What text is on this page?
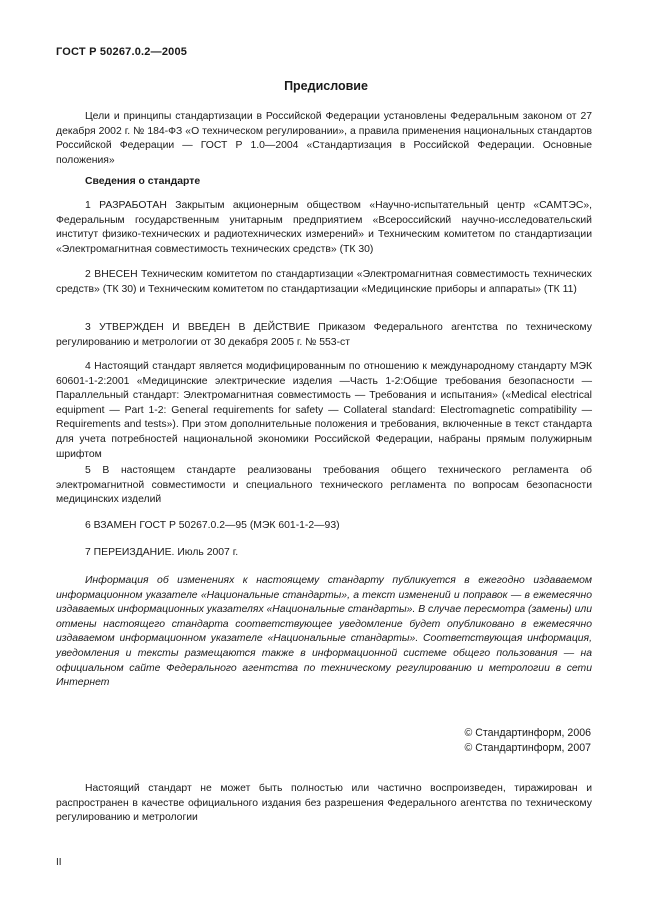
ГОСТ Р 50267.0.2—2005
Предисловие

Цели и принципы стандартизации в Российской Федерации установлены Федеральным законом от 27 декабря 2002 г. № 184-ФЗ «О техническом регулировании», а правила применения национальных стандартов Российской Федерации — ГОСТ Р 1.0—2004 «Стандартизация в Российской Федерации. Основные положения»

Сведения о стандарте

1 РАЗРАБОТАН Закрытым акционерным обществом «Научно-испытательный центр «САМТЭС», Федеральным государственным унитарным предприятием «Всероссийский научно-исследовательский институт физико-технических и радиотехнических измерений» и Техническим комитетом по стандартизации «Электромагнитная совместимость технических средств» (ТК 30)

2 ВНЕСЕН Техническим комитетом по стандартизации «Электромагнитная совместимость технических средств» (ТК 30) и Техническим комитетом по стандартизации «Медицинские приборы и аппараты» (ТК 11)

3 УТВЕРЖДЕН И ВВЕДЕН В ДЕЙСТВИЕ Приказом Федерального агентства по техническому регулированию и метрологии от 30 декабря 2005 г. № 553-ст

4 Настоящий стандарт является модифицированным по отношению к международному стандарту МЭК 60601-1-2:2001 «Медицинские электрические изделия —Часть 1-2:Общие требования безопасности — Параллельный стандарт: Электромагнитная совместимость — Требования и испытания» («Medical electrical equipment — Part 1-2: General requirements for safety — Collateral standard: Electromagnetic compatibility —Requirements and tests»). При этом дополнительные положения и требования, включенные в текст стандарта для учета потребностей национальной экономики Российской Федерации, набраны прямым полужирным шрифтом

5 В настоящем стандарте реализованы требования общего технического регламента об электромагнитной совместимости и специального технического регламента по вопросам безопасности медицинских изделий

6 ВЗАМЕН ГОСТ Р 50267.0.2—95 (МЭК 601-1-2—93)

7 ПЕРЕИЗДАНИЕ. Июль 2007 г.

Информация об изменениях к настоящему стандарту публикуется в ежегодно издаваемом информационном указателе «Национальные стандарты», а текст изменений и поправок — в ежемесячно издаваемых информационных указателях «Национальные стандарты». В случае пересмотра (замены) или отмены настоящего стандарта соответствующее уведомление будет опубликовано в ежемесячно издаваемом информационном указателе «Национальные стандарты». Соответствующая информация, уведомления и тексты размещаются также в информационной системе общего пользования — на официальном сайте Федерального агентства по техническому регулированию и метрологии в сети Интернет

© Стандартинформ, 2006
© Стандартинформ, 2007

Настоящий стандарт не может быть полностью или частично воспроизведен, тиражирован и распространен в качестве официального издания без разрешения Федерального агентства по техническому регулированию и метрологии

II
